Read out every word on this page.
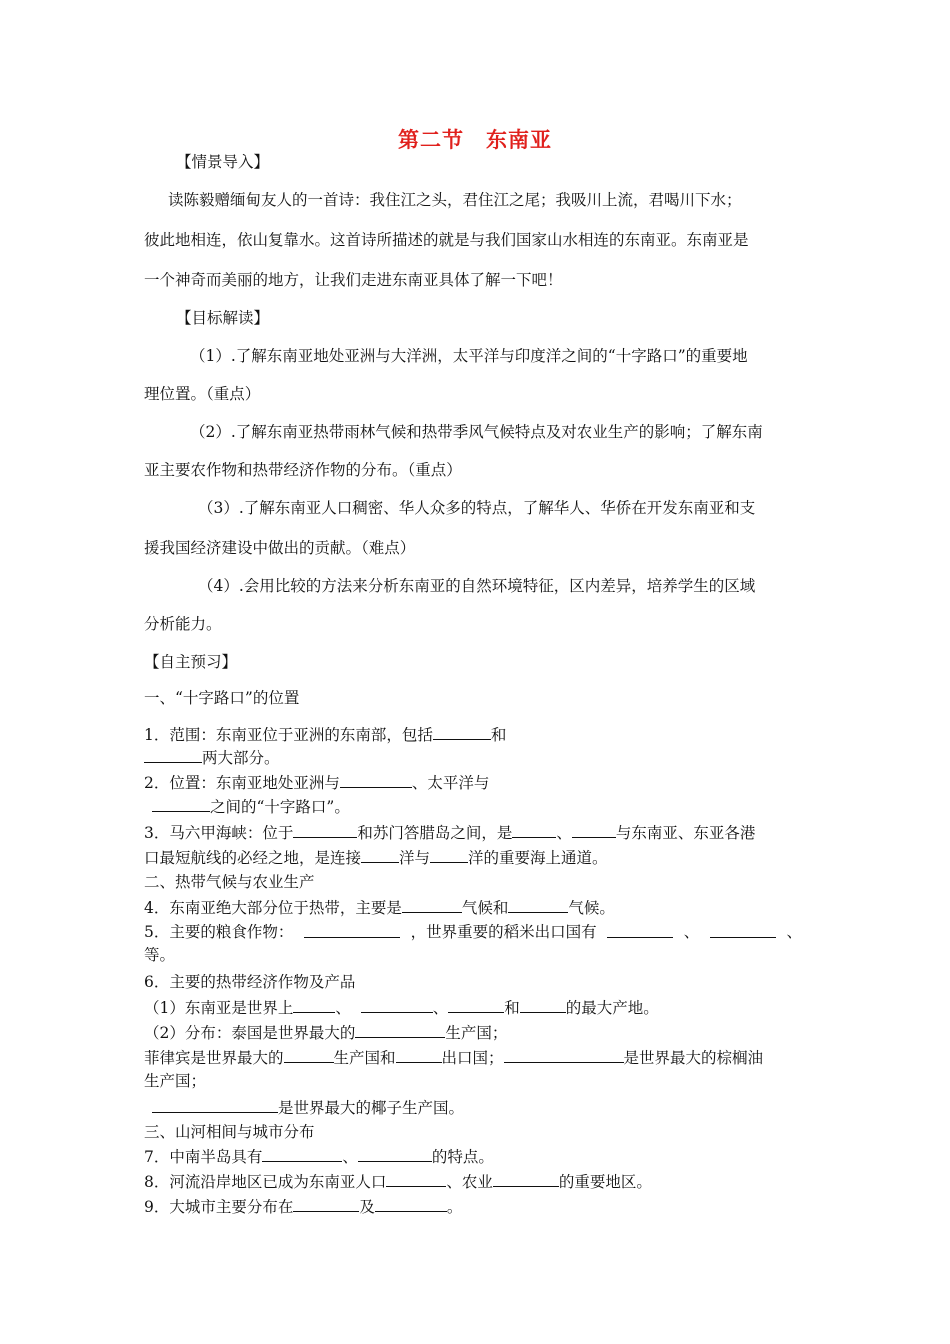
第二节　东南亚
【情景导入】
读陈毅赠缅甸友人的一首诗：我住江之头，君住江之尾；我吸川上流，君喝川下水；
彼此地相连，依山复靠水。这首诗所描述的就是与我们国家山水相连的东南亚。东南亚是
一个神奇而美丽的地方，让我们走进东南亚具体了解一下吧！
【目标解读】
（1）.了解东南亚地处亚洲与大洋洲，太平洋与印度洋之间的“十字路口”的重要地
理位置。（重点）
（2）.了解东南亚热带雨林气候和热带季风气候特点及对农业生产的影响；了解东南
亚主要农作物和热带经济作物的分布。（重点）
（3）.了解东南亚人口稠密、华人众多的特点，了解华人、华侨在开发东南亚和支
援我国经济建设中做出的贡献。（难点）
（4）.会用比较的方法来分析东南亚的自然环境特征，区内差异，培养学生的区域
分析能力。
【自主预习】
一、“十字路口”的位置
1．范围：东南亚位于亚洲的东南部，包括	和
两大部分。
2．位置：东南亚地处亚洲与	、太平洋与
之间的“十字路口”。
3．马六甲海峡：位于	和苏门答腊岛之间，是	、	与东南亚、东亚各港
口最短航线的必经之地，是连接 洋与 洋的重要海上通道。
二、热带气候与农业生产
4．东南亚绝大部分位于热带，主要是	气候和	气候。
5．主要的粮食作物：	，世界重要的稻米出口国有	、	、
等。
6．主要的热带经济作物及产品
（1）东南亚是世界上	、	、	和	的最大产地。
（2）分布：泰国是世界最大的	生产国；
菲律宾是世界最大的	生产国和	出口国；	是世界最大的棕榈油
生产国；
是世界最大的椰子生产国。
三、山河相间与城市分布
7．中南半岛具有	、	的特点。
8．河流沿岸地区已成为东南亚人口	、农业	的重要地区。
9．大城市主要分布在	及	。
